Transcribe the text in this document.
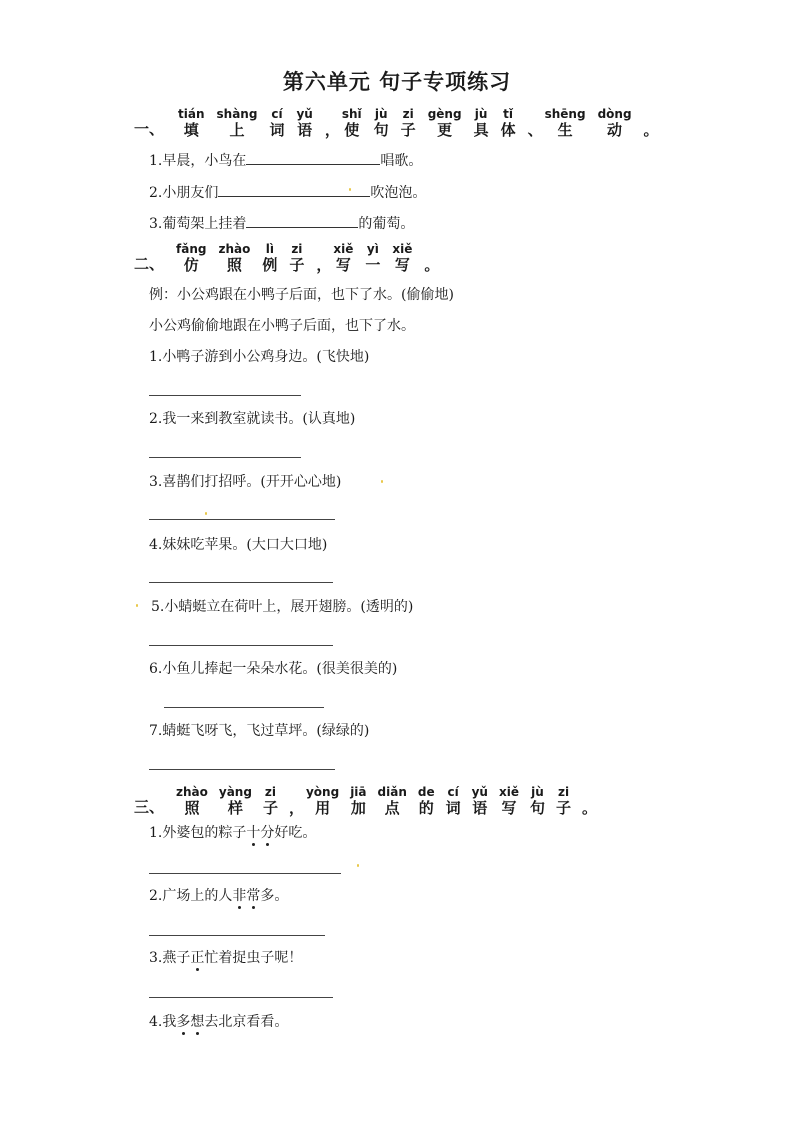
第六单元 句子专项练习
一、
tián
填
shàng
上
cí
词
yǔ
语
，
shǐ
使
jù
句
zi
子
gèng
更
jù
具
tǐ
体
、
shēng
生
dòng
动
。
1.早晨，小鸟在	唱歌。
2.小朋友们	吹泡泡。
3.葡萄架上挂着	的葡萄。
二、
fǎng
仿
zhào
照
lì
例
zi
子
，
xiě
写
yì
一
xiě
写
。
例：小公鸡跟在小鸭子后面，也下了水。(偷偷地)
小公鸡偷偷地跟在小鸭子后面，也下了水。
1.小鸭子游到小公鸡身边。(飞快地)
2.我一来到教室就读书。(认真地)
3.喜鹊们打招呼。(开开心心地)
4.妹妹吃苹果。(大口大口地)
5.小蜻蜓立在荷叶上，展开翅膀。(透明的)
6.小鱼儿捧起一朵朵水花。(很美很美的)
7.蜻蜓飞呀飞，飞过草坪。(绿绿的)
三、
zhào
照
yàng
样
zi
子
，
yòng
用
jiā
加
diǎn
点
de
的
cí
词
yǔ
语
xiě
写
jù
句
zi
子
。
1.外婆包的粽子十分好吃。
2.广场上的人非常多。
3.燕子正忙着捉虫子呢！
4.我多想去北京看看。
